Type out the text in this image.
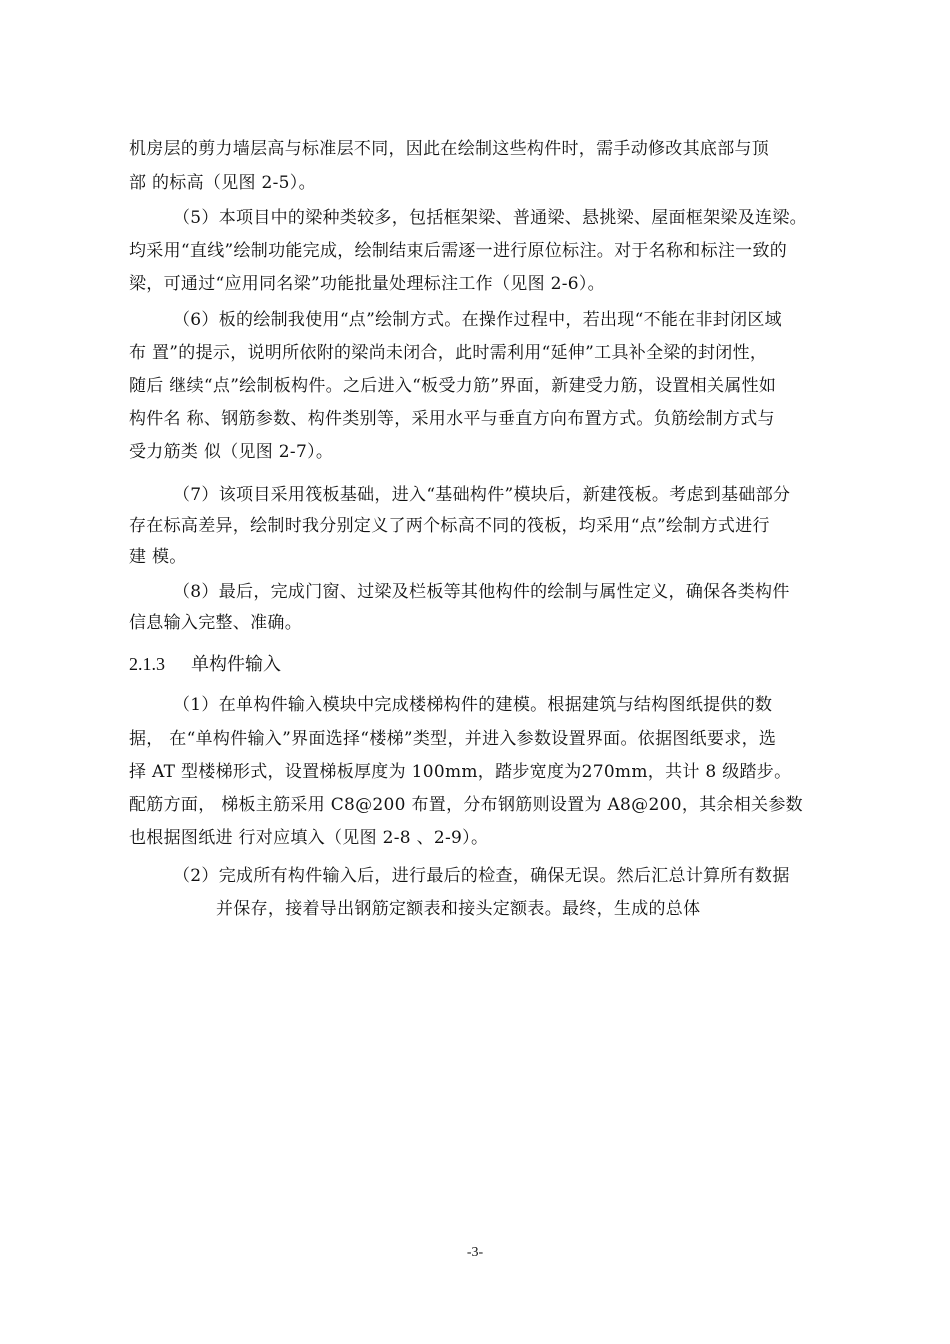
机房层的剪力墙层高与标准层不同，因此在绘制这些构件时，需手动修改其底部与顶
部 的标高（见图 2-5）。
（5）本项目中的梁种类较多，包括框架梁、普通梁、悬挑梁、屋面框架梁及连梁。
均采用“直线”绘制功能完成，绘制结束后需逐一进行原位标注。对于名称和标注一致的
梁，可通过“应用同名梁”功能批量处理标注工作（见图 2-6）。
（6）板的绘制我使用“点”绘制方式。在操作过程中，若出现“不能在非封闭区域
布 置”的提示，说明所依附的梁尚未闭合，此时需利用“延伸”工具补全梁的封闭性，
随后 继续“点”绘制板构件。之后进入“板受力筋”界面，新建受力筋，设置相关属性如
构件名 称、钢筋参数、构件类别等，采用水平与垂直方向布置方式。负筋绘制方式与
受力筋类 似（见图 2-7）。
（7）该项目采用筏板基础，进入“基础构件”模块后，新建筏板。考虑到基础部分
存在标高差异，绘制时我分别定义了两个标高不同的筏板，均采用“点”绘制方式进行
建 模。
（8）最后，完成门窗、过梁及栏板等其他构件的绘制与属性定义，确保各类构件
信息输入完整、准确。
2.1.3 单构件输入
（1）在单构件输入模块中完成楼梯构件的建模。根据建筑与结构图纸提供的数
据， 在“单构件输入”界面选择“楼梯”类型，并进入参数设置界面。依据图纸要求，选
择 AT 型楼梯形式，设置梯板厚度为 100mm，踏步宽度为270mm，共计 8 级踏步。
配筋方面， 梯板主筋采用 C8@200 布置，分布钢筋则设置为 A8@200，其余相关参数
也根据图纸进 行对应填入（见图 2-8 、2-9）。
（2）完成所有构件输入后，进行最后的检查，确保无误。然后汇总计算所有数据
并保存，接着导出钢筋定额表和接头定额表。最终，生成的总体
-3-
